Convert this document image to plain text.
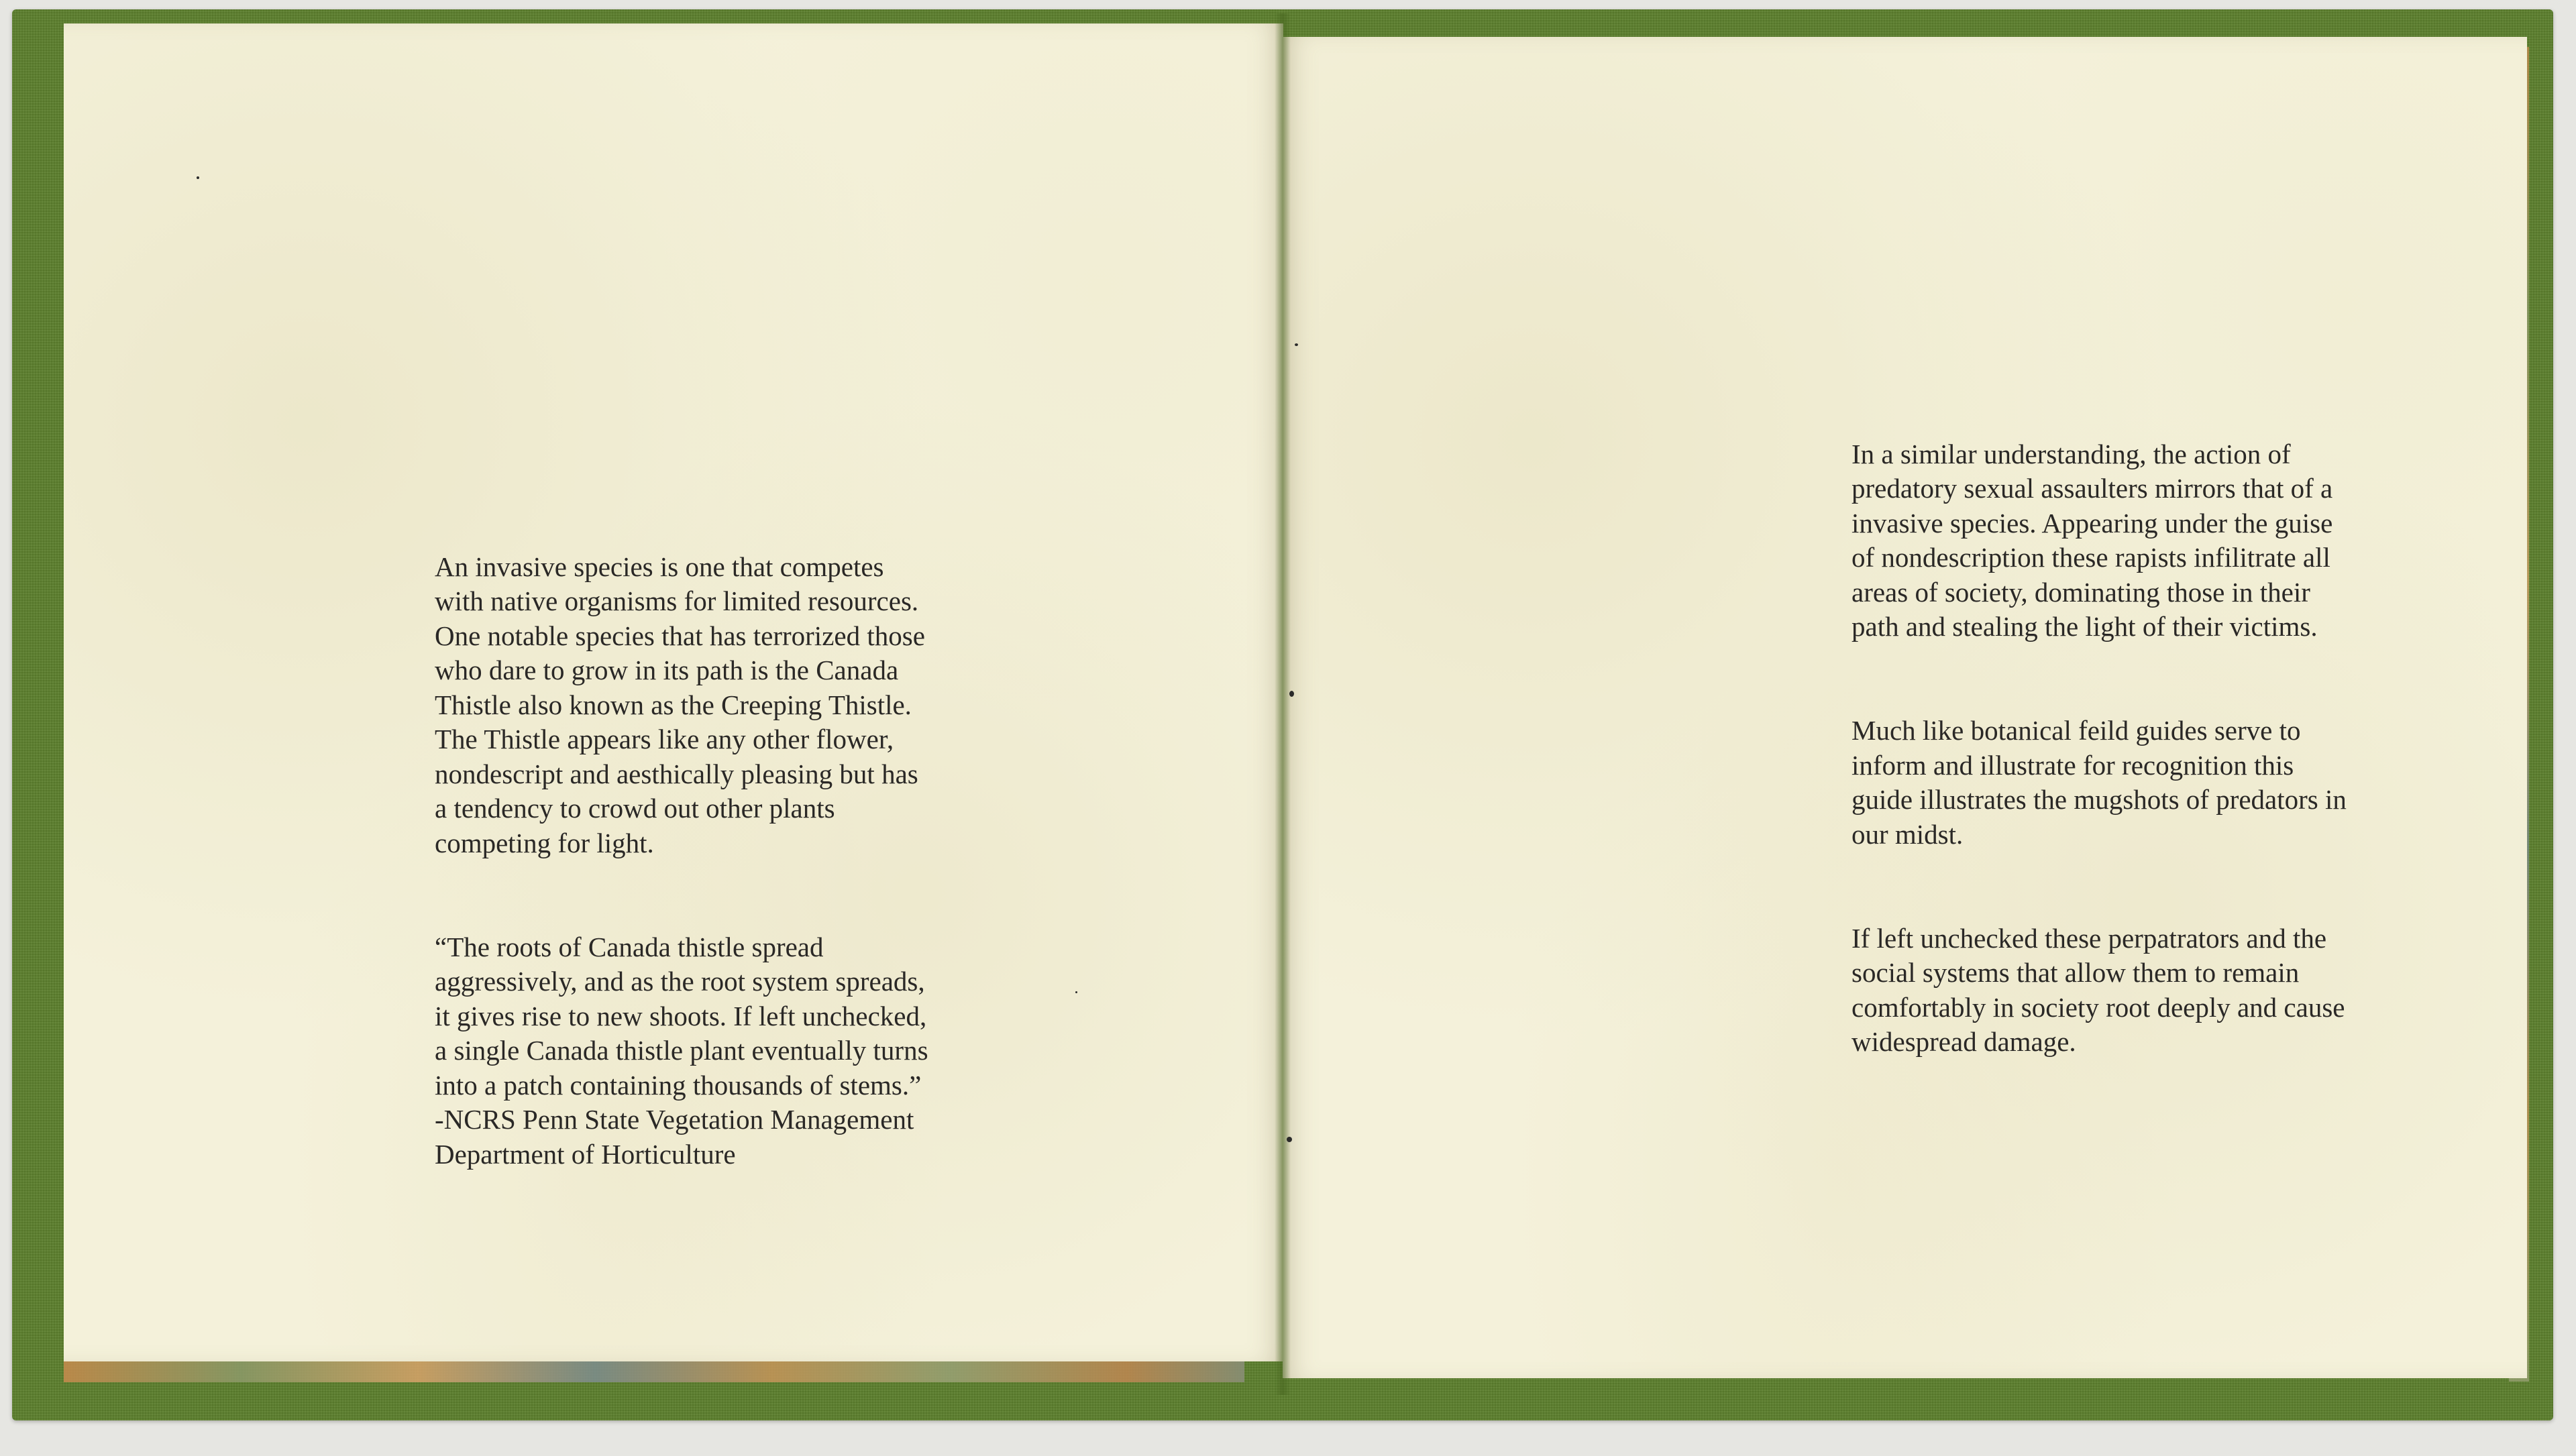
An invasive species is one that competes
with native organisms for limited resources.
One notable species that has terrorized those
who dare to grow in its path is the Canada
Thistle also known as the Creeping Thistle.
The Thistle appears like any other flower,
nondescript and aesthically pleasing but has
a tendency to crowd out other plants
competing for light.

“The roots of Canada thistle spread
aggressively, and as the root system spreads,
it gives rise to new shoots. If left unchecked,
a single Canada thistle plant eventually turns
into a patch containing thousands of stems.”
-NCRS Penn State Vegetation Management
Department of Horticulture

In a similar understanding, the action of
predatory sexual assaulters mirrors that of a
invasive species. Appearing under the guise
of nondescription these rapists infilitrate all
areas of society, dominating those in their
path and stealing the light of their victims.

Much like botanical feild guides serve to
inform and illustrate for recognition this
guide illustrates the mugshots of predators in
our midst.

If left unchecked these perpatrators and the
social systems that allow them to remain
comfortably in society root deeply and cause
widespread damage.
